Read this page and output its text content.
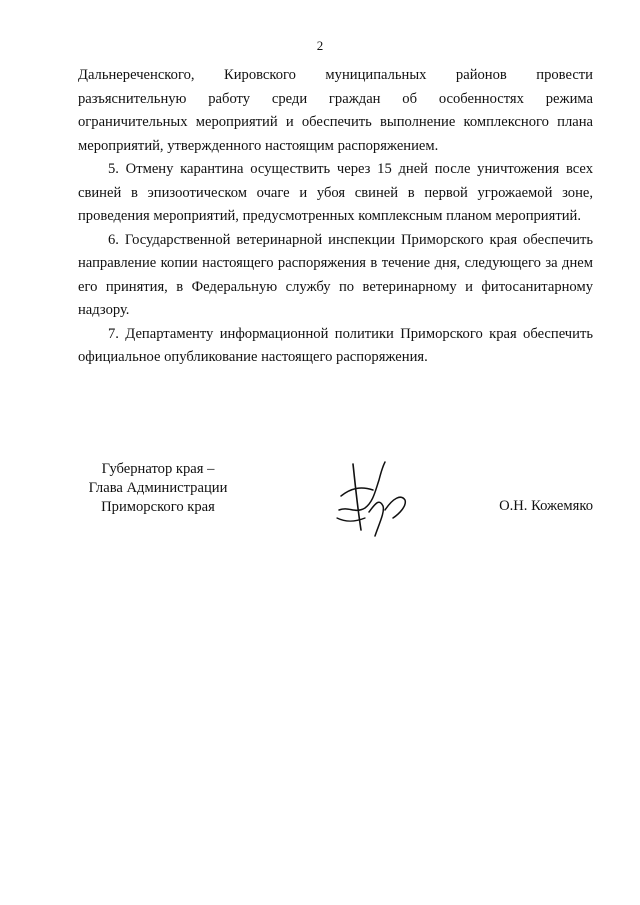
2

Дальнереченского, Кировского муниципальных районов провести разъяснительную работу среди граждан об особенностях режима ограничительных мероприятий и обеспечить выполнение комплексного плана мероприятий, утвержденного настоящим распоряжением.

5. Отмену карантина осуществить через 15 дней после уничтожения всех свиней в эпизоотическом очаге и убоя свиней в первой угрожаемой зоне, проведения мероприятий, предусмотренных комплексным планом мероприятий.

6. Государственной ветеринарной инспекции Приморского края обеспечить направление копии настоящего распоряжения в течение дня, следующего за днем его принятия, в Федеральную службу по ветеринарному и фитосанитарному надзору.

7. Департаменту информационной политики Приморского края обеспечить официальное опубликование настоящего распоряжения.

Губернатор края –
Глава Администрации
Приморского края	О.Н. Кожемяко
